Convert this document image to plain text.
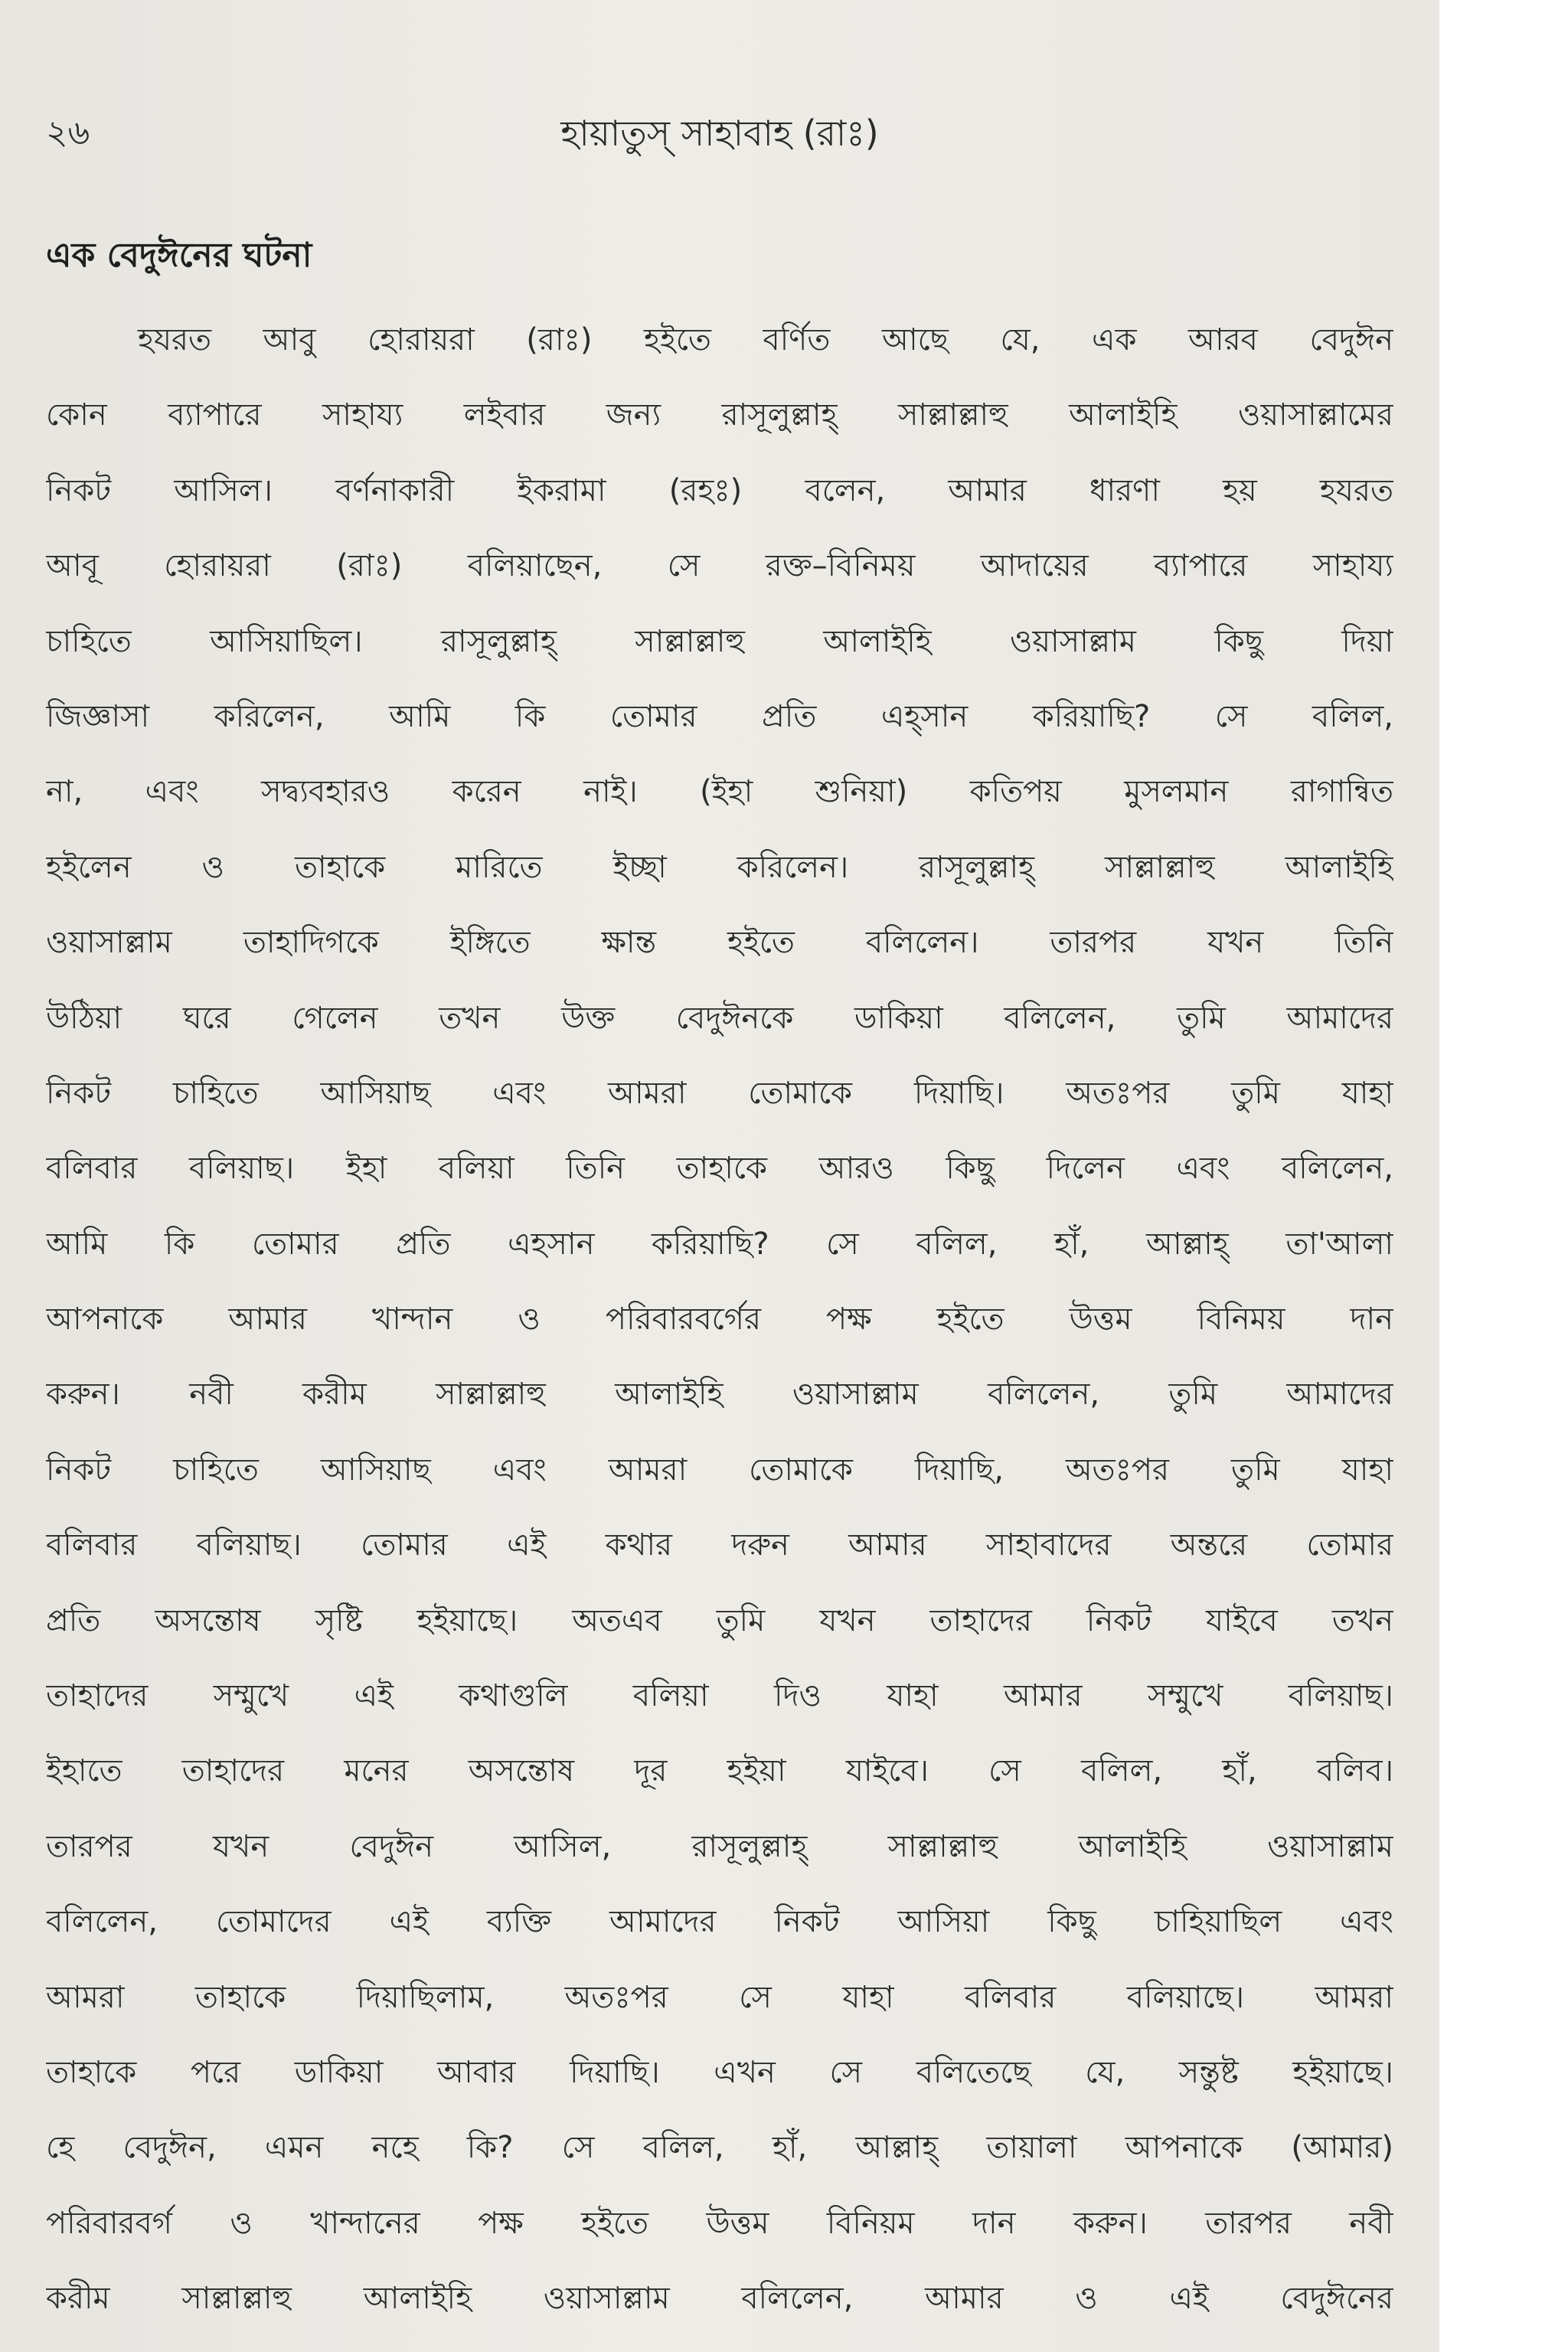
২৬	হায়াতুস্ সাহাবাহ (রাঃ)
এক বেদুঈনের ঘটনা
হযরত আবু হোরায়রা (রাঃ) হইতে বর্ণিত আছে যে, এক আরব বেদুঈন
কোন ব্যাপারে সাহায্য লইবার জন্য রাসূলুল্লাহ্ সাল্লাল্লাহু আলাইহি ওয়াসাল্লামের
নিকট আসিল। বর্ণনাকারী ইকরামা (রহঃ) বলেন, আমার ধারণা হয় হযরত
আবূ হোরায়রা (রাঃ) বলিয়াছেন, সে রক্ত–বিনিময় আদায়ের ব্যাপারে সাহায্য
চাহিতে আসিয়াছিল। রাসূলুল্লাহ্ সাল্লাল্লাহু আলাইহি ওয়াসাল্লাম কিছু দিয়া
জিজ্ঞাসা করিলেন, আমি কি তোমার প্রতি এহ্সান করিয়াছি? সে বলিল,
না, এবং সদ্ব্যবহারও করেন নাই। (ইহা শুনিয়া) কতিপয় মুসলমান রাগান্বিত
হইলেন ও তাহাকে মারিতে ইচ্ছা করিলেন। রাসূলুল্লাহ্ সাল্লাল্লাহু আলাইহি
ওয়াসাল্লাম তাহাদিগকে ইঙ্গিতে ক্ষান্ত হইতে বলিলেন। তারপর যখন তিনি
উঠিয়া ঘরে গেলেন তখন উক্ত বেদুঈনকে ডাকিয়া বলিলেন, তুমি আমাদের
নিকট চাহিতে আসিয়াছ এবং আমরা তোমাকে দিয়াছি। অতঃপর তুমি যাহা
বলিবার বলিয়াছ। ইহা বলিয়া তিনি তাহাকে আরও কিছু দিলেন এবং বলিলেন,
আমি কি তোমার প্রতি এহসান করিয়াছি? সে বলিল, হাঁ, আল্লাহ্ তা'আলা
আপনাকে আমার খান্দান ও পরিবারবর্গের পক্ষ হইতে উত্তম বিনিময় দান
করুন। নবী করীম সাল্লাল্লাহু আলাইহি ওয়াসাল্লাম বলিলেন, তুমি আমাদের
নিকট চাহিতে আসিয়াছ এবং আমরা তোমাকে দিয়াছি, অতঃপর তুমি যাহা
বলিবার বলিয়াছ। তোমার এই কথার দরুন আমার সাহাবাদের অন্তরে তোমার
প্রতি অসন্তোষ সৃষ্টি হইয়াছে। অতএব তুমি যখন তাহাদের নিকট যাইবে তখন
তাহাদের সম্মুখে এই কথাগুলি বলিয়া দিও যাহা আমার সম্মুখে বলিয়াছ।
ইহাতে তাহাদের মনের অসন্তোষ দূর হইয়া যাইবে। সে বলিল, হাঁ, বলিব।
তারপর যখন বেদুঈন আসিল, রাসূলুল্লাহ্ সাল্লাল্লাহু আলাইহি ওয়াসাল্লাম
বলিলেন, তোমাদের এই ব্যক্তি আমাদের নিকট আসিয়া কিছু চাহিয়াছিল এবং
আমরা তাহাকে দিয়াছিলাম, অতঃপর সে যাহা বলিবার বলিয়াছে। আমরা
তাহাকে পরে ডাকিয়া আবার দিয়াছি। এখন সে বলিতেছে যে, সন্তুষ্ট হইয়াছে।
হে বেদুঈন, এমন নহে কি? সে বলিল, হাঁ, আল্লাহ্ তায়ালা আপনাকে (আমার)
পরিবারবর্গ ও খান্দানের পক্ষ হইতে উত্তম বিনিয়ম দান করুন। তারপর নবী
করীম সাল্লাল্লাহু আলাইহি ওয়াসাল্লাম বলিলেন, আমার ও এই বেদুঈনের
